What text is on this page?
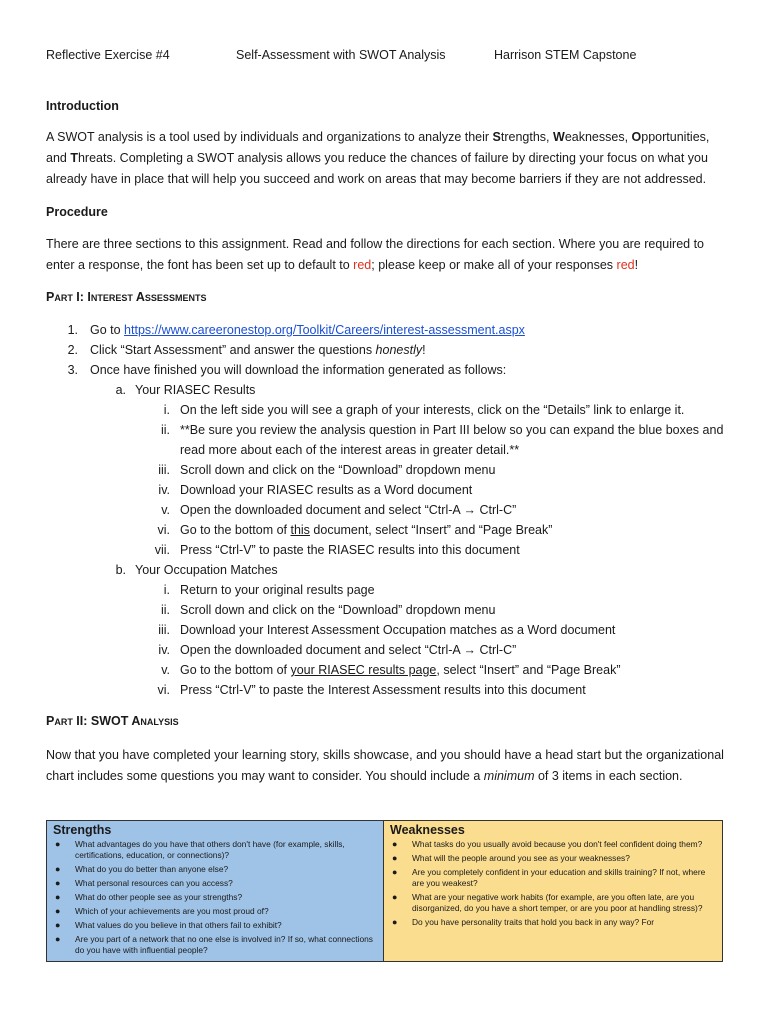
Reflective Exercise #4	Self-Assessment with SWOT Analysis	Harrison STEM Capstone
Introduction
A SWOT analysis is a tool used by individuals and organizations to analyze their Strengths, Weaknesses, Opportunities, and Threats. Completing a SWOT analysis allows you reduce the chances of failure by directing your focus on what you already have in place that will help you succeed and work on areas that may become barriers if they are not addressed.
Procedure
There are three sections to this assignment. Read and follow the directions for each section. Where you are required to enter a response, the font has been set up to default to red; please keep or make all of your responses red!
Part I: Interest Assessments
1. Go to https://www.careeronestop.org/Toolkit/Careers/interest-assessment.aspx
2. Click “Start Assessment” and answer the questions honestly!
3. Once have finished you will download the information generated as follows:
a. Your RIASEC Results
i. On the left side you will see a graph of your interests, click on the “Details” link to enlarge it.
ii. **Be sure you review the analysis question in Part III below so you can expand the blue boxes and read more about each of the interest areas in greater detail.**
iii. Scroll down and click on the “Download” dropdown menu
iv. Download your RIASEC results as a Word document
v. Open the downloaded document and select “Ctrl-A → Ctrl-C”
vi. Go to the bottom of this document, select “Insert” and “Page Break”
vii. Press “Ctrl-V” to paste the RIASEC results into this document
b. Your Occupation Matches
i. Return to your original results page
ii. Scroll down and click on the “Download” dropdown menu
iii. Download your Interest Assessment Occupation matches as a Word document
iv. Open the downloaded document and select “Ctrl-A → Ctrl-C”
v. Go to the bottom of your RIASEC results page, select “Insert” and “Page Break”
vi. Press “Ctrl-V” to paste the Interest Assessment results into this document
Part II: SWOT Analysis
Now that you have completed your learning story, skills showcase, and you should have a head start but the organizational chart includes some questions you may want to consider. You should include a minimum of 3 items in each section.
Strengths
● What advantages do you have that others don't have (for example, skills, certifications, education, or connections)?
● What do you do better than anyone else?
● What personal resources can you access?
● What do other people see as your strengths?
● Which of your achievements are you most proud of?
● What values do you believe in that others fail to exhibit?
● Are you part of a network that no one else is involved in? If so, what connections do you have with influential people?

Weaknesses
● What tasks do you usually avoid because you don't feel confident doing them?
● What will the people around you see as your weaknesses?
● Are you completely confident in your education and skills training? If not, where are you weakest?
● What are your negative work habits (for example, are you often late, are you disorganized, do you have a short temper, or are you poor at handling stress)?
● Do you have personality traits that hold you back in any way? For
